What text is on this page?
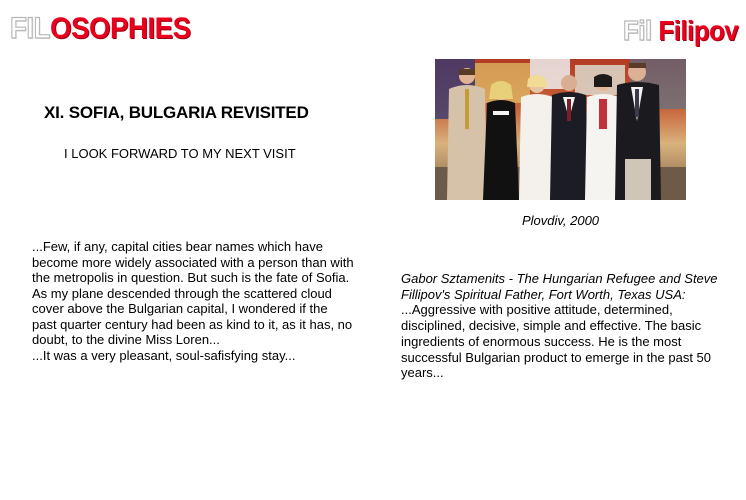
FILOSOPHIES	Fil Filipov
XI. SOFIA, BULGARIA REVISITED
I LOOK FORWARD TO MY NEXT VISIT
Plovdiv, 2000

...Few, if any, capital cities bear names which have become more widely associated with a person than with the metropolis in question. But such is the fate of Sofia. As my plane descended through the scattered cloud cover above the Bulgarian capital, I wondered if the past quarter century had been as kind to it, as it has, no doubt, to the divine Miss Loren...

...It was a very pleasant, soul-safisfying stay...

Gabor Sztamenits - The Hungarian Refugee and Steve Fillipov's Spiritual Father, Fort Worth, Texas USA:

...Aggressive with positive attitude, determined, disciplined, decisive, simple and effective. The basic ingredients of enormous success. He is the most successful Bulgarian product to emerge in the past 50 years...
